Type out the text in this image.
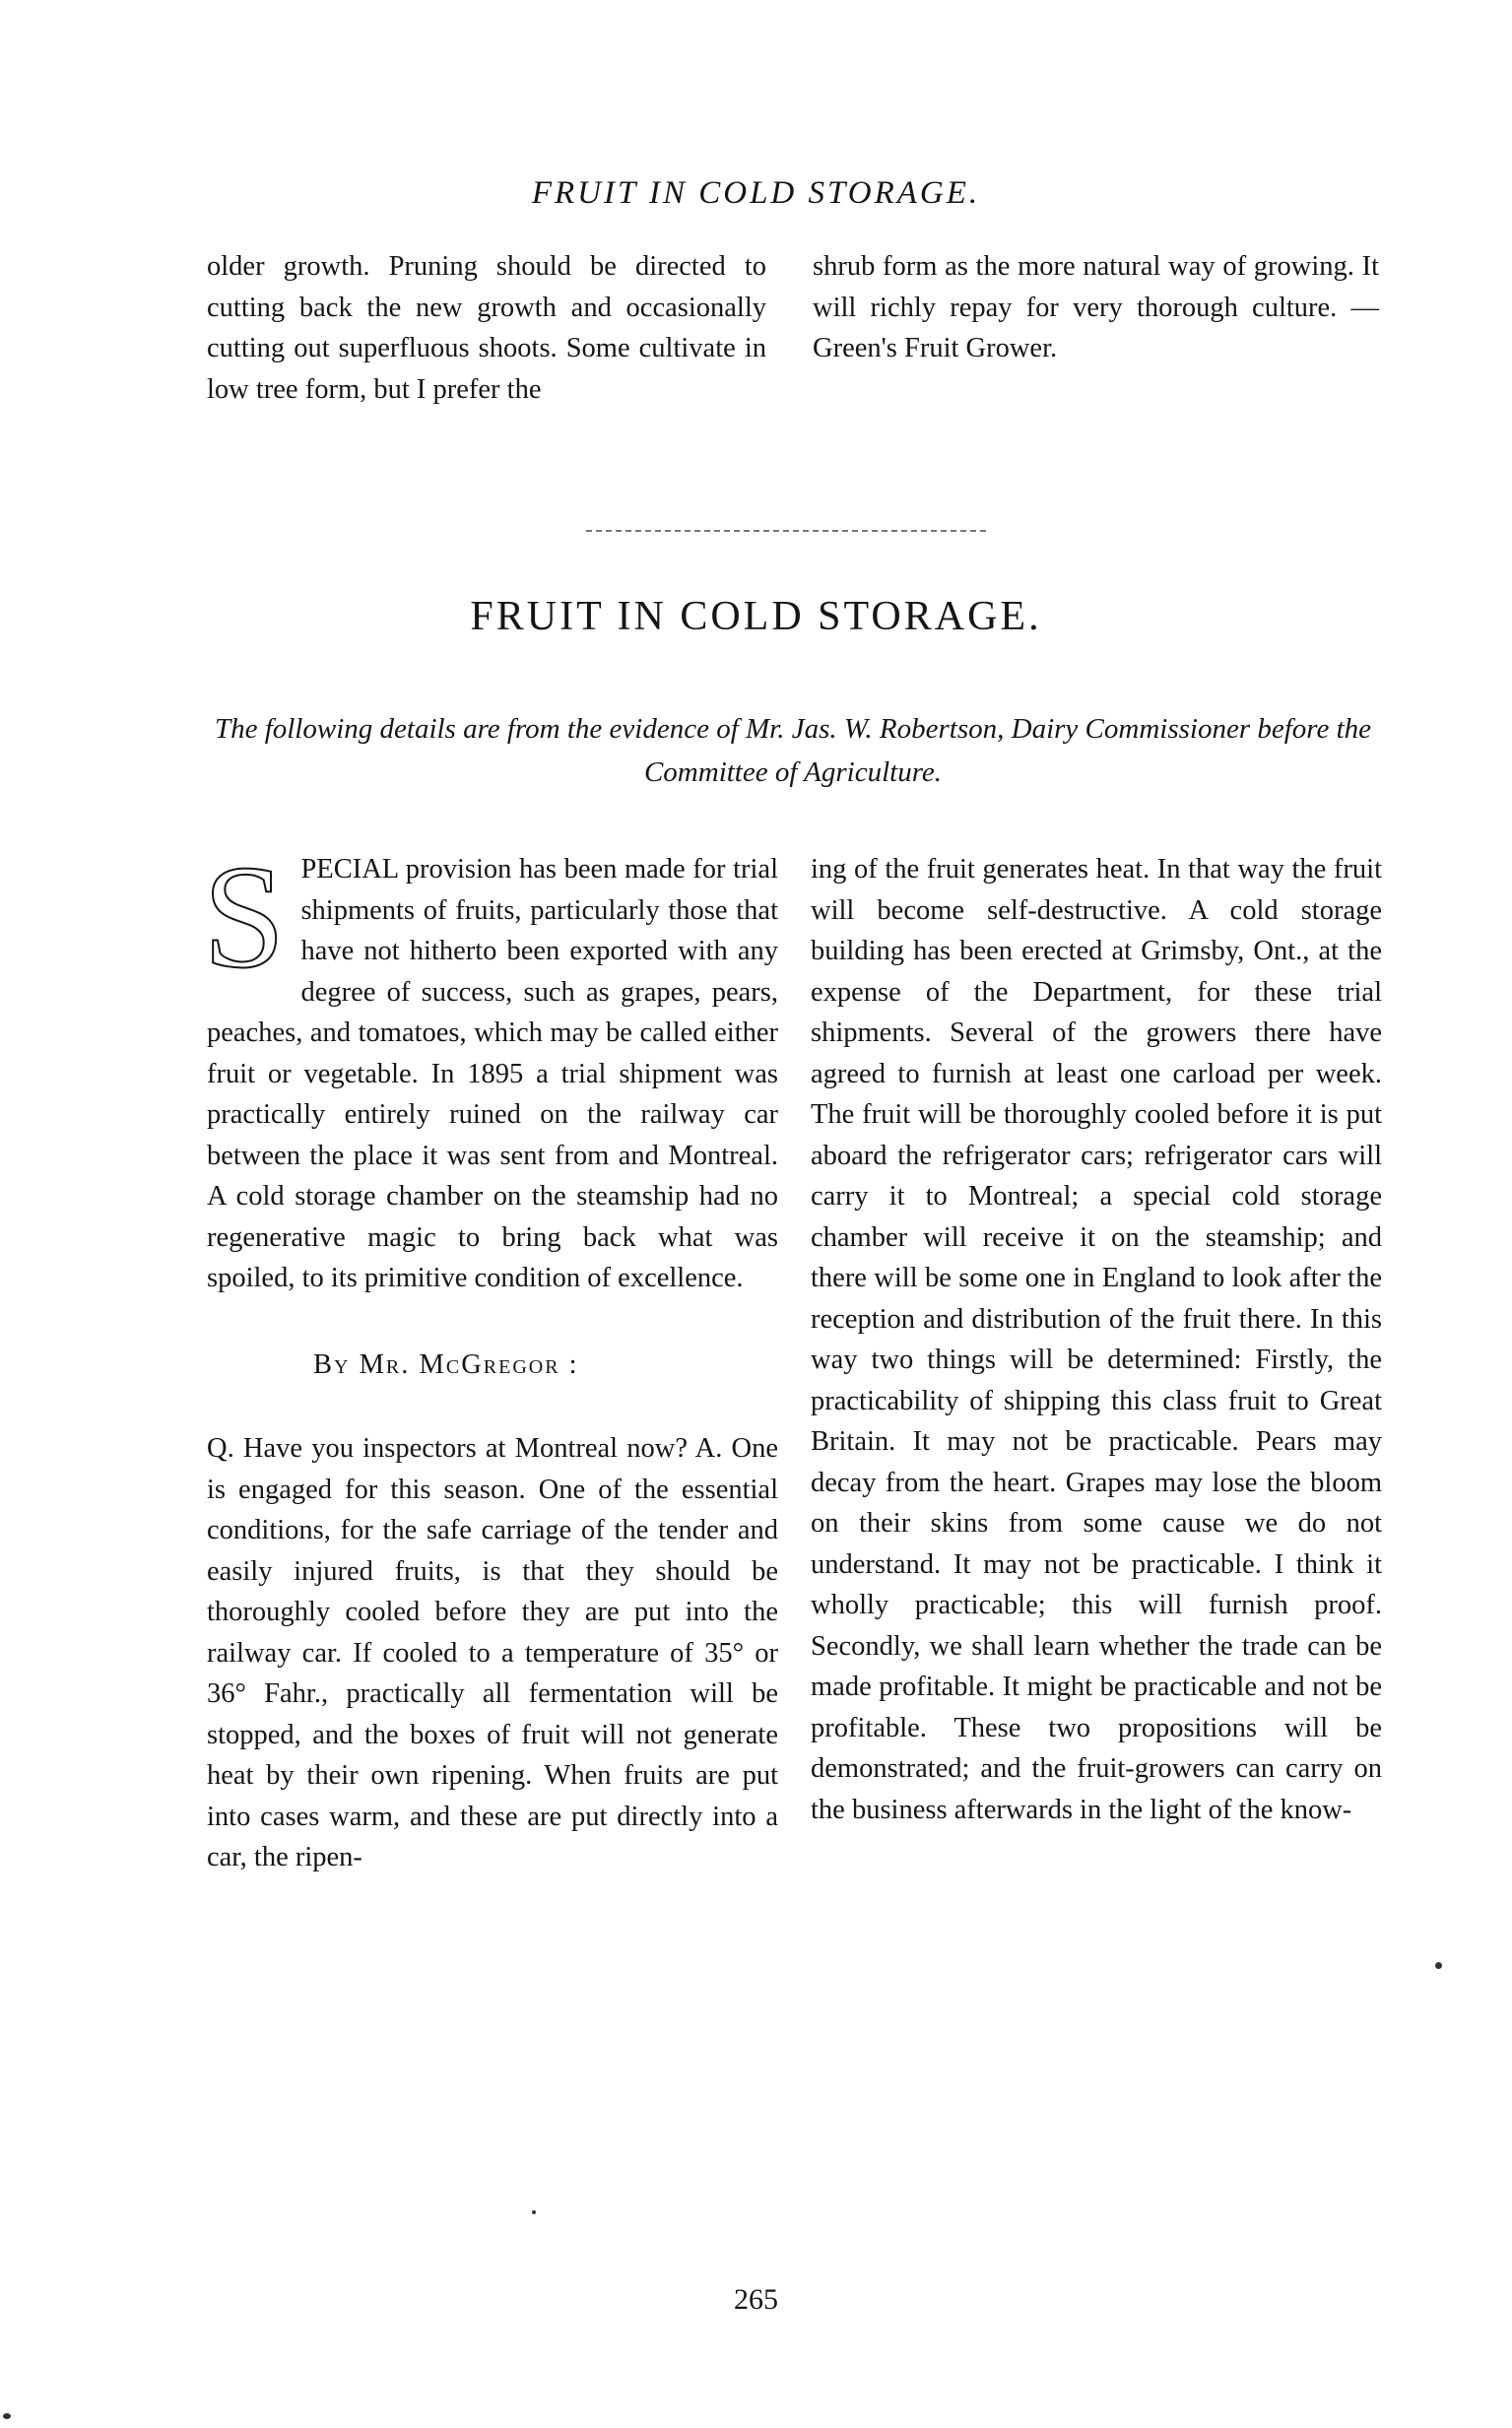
FRUIT IN COLD STORAGE.

older growth. Pruning should be directed to cutting back the new growth and occasionally cutting out superfluous shoots. Some cultivate in low tree form, but I prefer the

shrub form as the more natural way of growing. It will richly repay for very thorough culture. —Green's Fruit Grower.

FRUIT IN COLD STORAGE.
The following details are from the evidence of Mr. Jas. W. Robertson, Dairy Commissioner before the Committee of Agriculture.

SPECIAL provision has been made for trial shipments of fruits, particularly those that have not hitherto been exported with any degree of success, such as grapes, pears, peaches, and tomatoes, which may be called either fruit or vegetable. In 1895 a trial shipment was practically entirely ruined on the railway car between the place it was sent from and Montreal. A cold storage chamber on the steamship had no regenerative magic to bring back what was spoiled, to its primitive condition of excellence.

By Mr. McGregor :

Q. Have you inspectors at Montreal now? A. One is engaged for this season. One of the essential conditions, for the safe carriage of the tender and easily injured fruits, is that they should be thoroughly cooled before they are put into the railway car. If cooled to a temperature of 35° or 36° Fahr., practically all fermentation will be stopped, and the boxes of fruit will not generate heat by their own ripening. When fruits are put into cases warm, and these are put directly into a car, the ripen-

ing of the fruit generates heat. In that way the fruit will become self-destructive. A cold storage building has been erected at Grimsby, Ont., at the expense of the Department, for these trial shipments. Several of the growers there have agreed to furnish at least one carload per week. The fruit will be thoroughly cooled before it is put aboard the refrigerator cars; refrigerator cars will carry it to Montreal; a special cold storage chamber will receive it on the steamship; and there will be some one in England to look after the reception and distribution of the fruit there. In this way two things will be determined: Firstly, the practicability of shipping this class fruit to Great Britain. It may not be practicable. Pears may decay from the heart. Grapes may lose the bloom on their skins from some cause we do not understand. It may not be practicable. I think it wholly practicable; this will furnish proof. Secondly, we shall learn whether the trade can be made profitable. It might be practicable and not be profitable. These two propositions will be demonstrated; and the fruit-growers can carry on the business afterwards in the light of the know-

265
